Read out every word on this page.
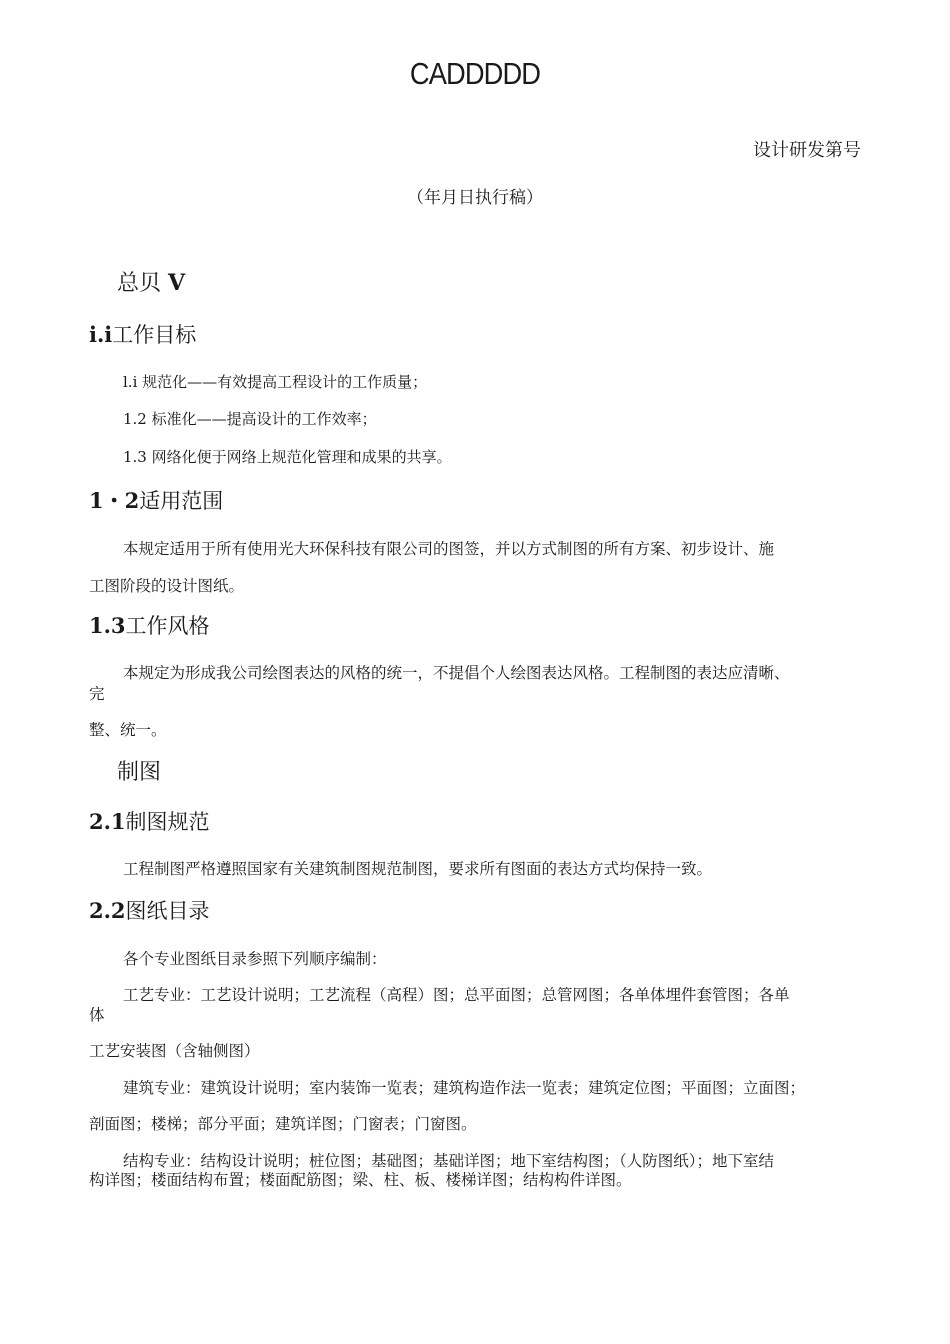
CADDDDD
设计研发第号
（年月日执行稿）
总贝 V
i.i工作目标
l.i 规范化——有效提高工程设计的工作质量；
1.2 标准化——提高设计的工作效率；
1.3 网络化便于网络上规范化管理和成果的共享。
1・2适用范围
本规定适用于所有使用光大环保科技有限公司的图签，并以方式制图的所有方案、初步设计、施
工图阶段的设计图纸。
1.3工作风格
本规定为形成我公司绘图表达的风格的统一，不提倡个人绘图表达风格。工程制图的表达应清晰、
完
整、统一。
制图
2.1制图规范
工程制图严格遵照国家有关建筑制图规范制图，要求所有图面的表达方式均保持一致。
2.2图纸目录
各个专业图纸目录参照下列顺序编制：
工艺专业：工艺设计说明；工艺流程（高程）图；总平面图；总管网图；各单体埋件套管图；各单
体
工艺安装图（含轴侧图）
建筑专业：建筑设计说明；室内装饰一览表；建筑构造作法一览表；建筑定位图；平面图；立面图；
剖面图；楼梯；部分平面；建筑详图；门窗表；门窗图。
结构专业：结构设计说明；桩位图；基础图；基础详图；地下室结构图；（人防图纸）；地下室结
构详图；楼面结构布置；楼面配筋图；梁、柱、板、楼梯详图；结构构件详图。
